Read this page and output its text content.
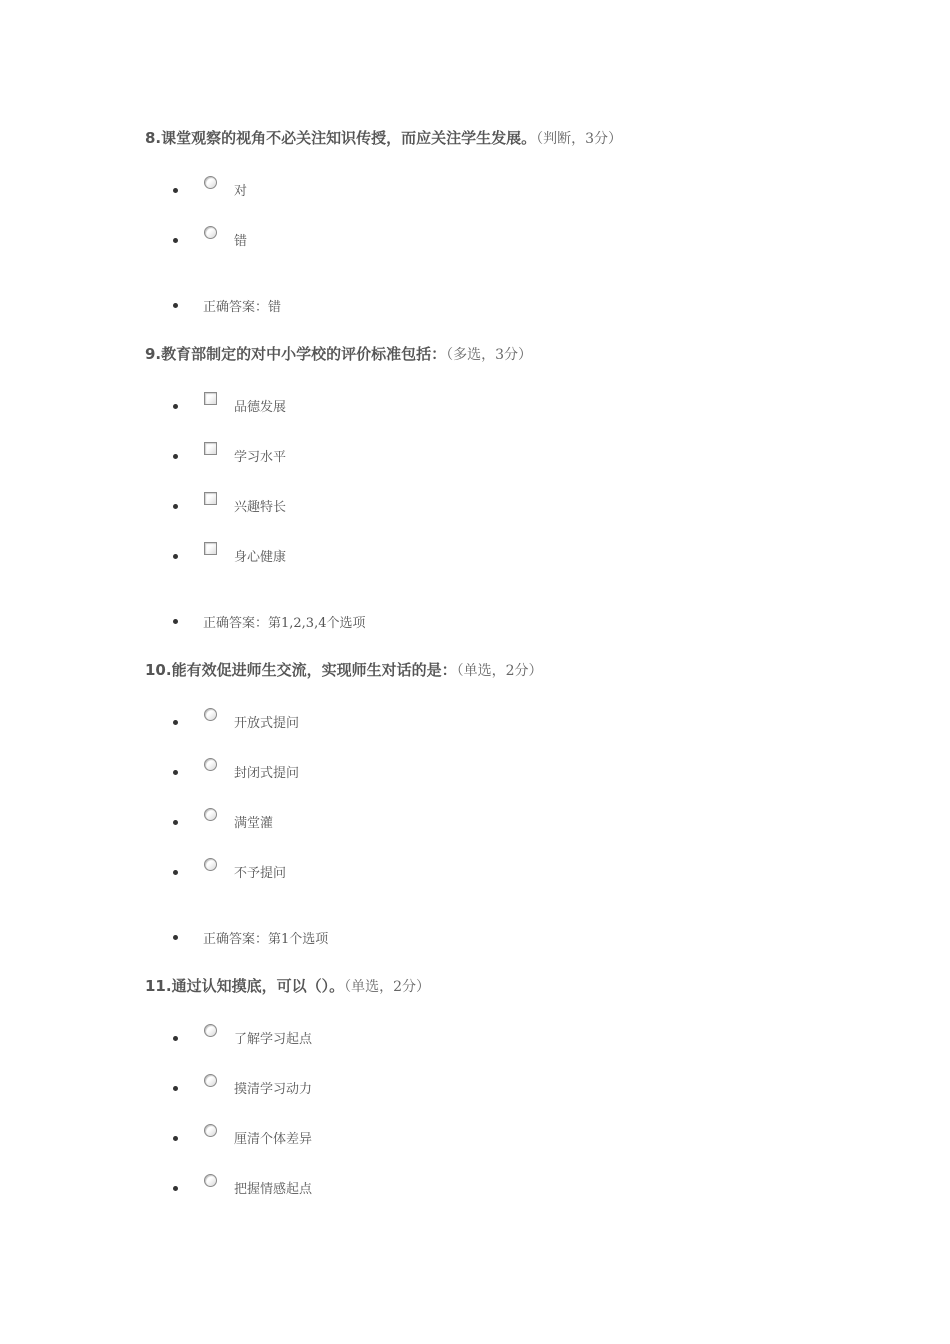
8.课堂观察的视角不必关注知识传授，而应关注学生发展。（判断，3分）
对
错
正确答案：错
9.教育部制定的对中小学校的评价标准包括：（多选，3分）
品德发展
学习水平
兴趣特长
身心健康
正确答案：第1,2,3,4个选项
10.能有效促进师生交流，实现师生对话的是：（单选，2分）
开放式提问
封闭式提问
满堂灌
不予提问
正确答案：第1个选项
11.通过认知摸底，可以（）。（单选，2分）
了解学习起点
摸清学习动力
厘清个体差异
把握情感起点
